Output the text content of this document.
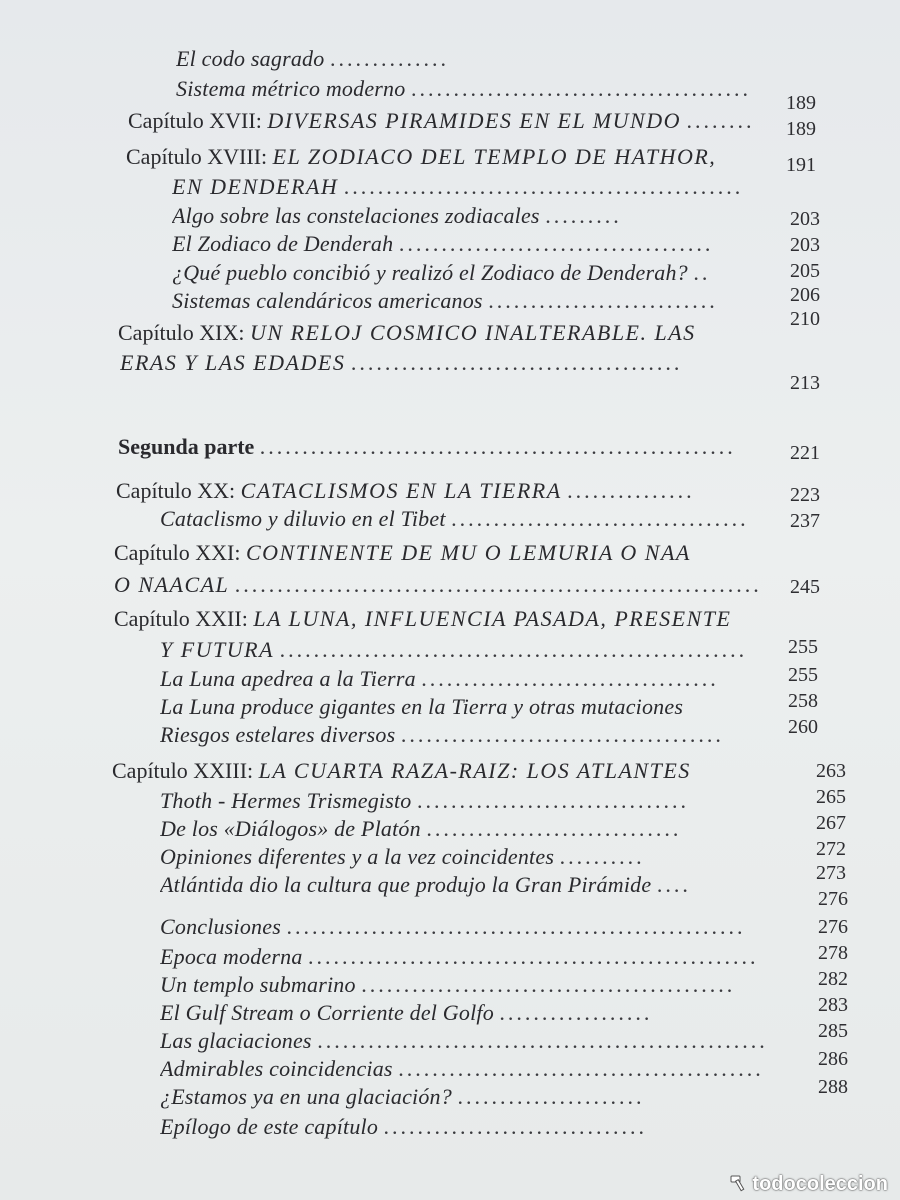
El codo sagrado ..............
Sistema métrico moderno ........................................
Capítulo XVII: DIVERSAS PIRAMIDES EN EL MUNDO ........
Capítulo XVIII: EL ZODIACO DEL TEMPLO DE HATHOR,
EN DENDERAH ...............................................
Algo sobre las constelaciones zodiacales .........
El Zodiaco de Denderah .....................................
¿Qué pueblo concibió y realizó el Zodiaco de Denderah? ..
Sistemas calendáricos americanos ...........................
Capítulo XIX: UN RELOJ COSMICO INALTERABLE. LAS
ERAS Y LAS EDADES .......................................
Segunda parte ........................................................
Capítulo XX: CATACLISMOS EN LA TIERRA ...............
Cataclismo y diluvio en el Tibet ...................................
Capítulo XXI: CONTINENTE DE MU O LEMURIA O NAA
O NAACAL ..............................................................
Capítulo XXII: LA LUNA, INFLUENCIA PASADA, PRESENTE
Y FUTURA .......................................................
La Luna apedrea a la Tierra ...................................
La Luna produce gigantes en la Tierra y otras mutaciones
Riesgos estelares diversos ......................................
Capítulo XXIII: LA CUARTA RAZA-RAIZ: LOS ATLANTES
Thoth - Hermes Trismegisto ................................
De los «Diálogos» de Platón ..............................
Opiniones diferentes y a la vez coincidentes ..........
Atlántida dio la cultura que produjo la Gran Pirámide ....
Conclusiones ......................................................
Epoca moderna .....................................................
Un templo submarino ............................................
El Gulf Stream o Corriente del Golfo ..................
Las glaciaciones .....................................................
Admirables coincidencias ...........................................
¿Estamos ya en una glaciación? ......................
Epílogo de este capítulo ...............................
189
189
191
203
203
205
206
210
213
221
223
237
245
255
255
258
260
263
265
267
272
273
276
276
278
282
283
285
286
288
todocoleccion
